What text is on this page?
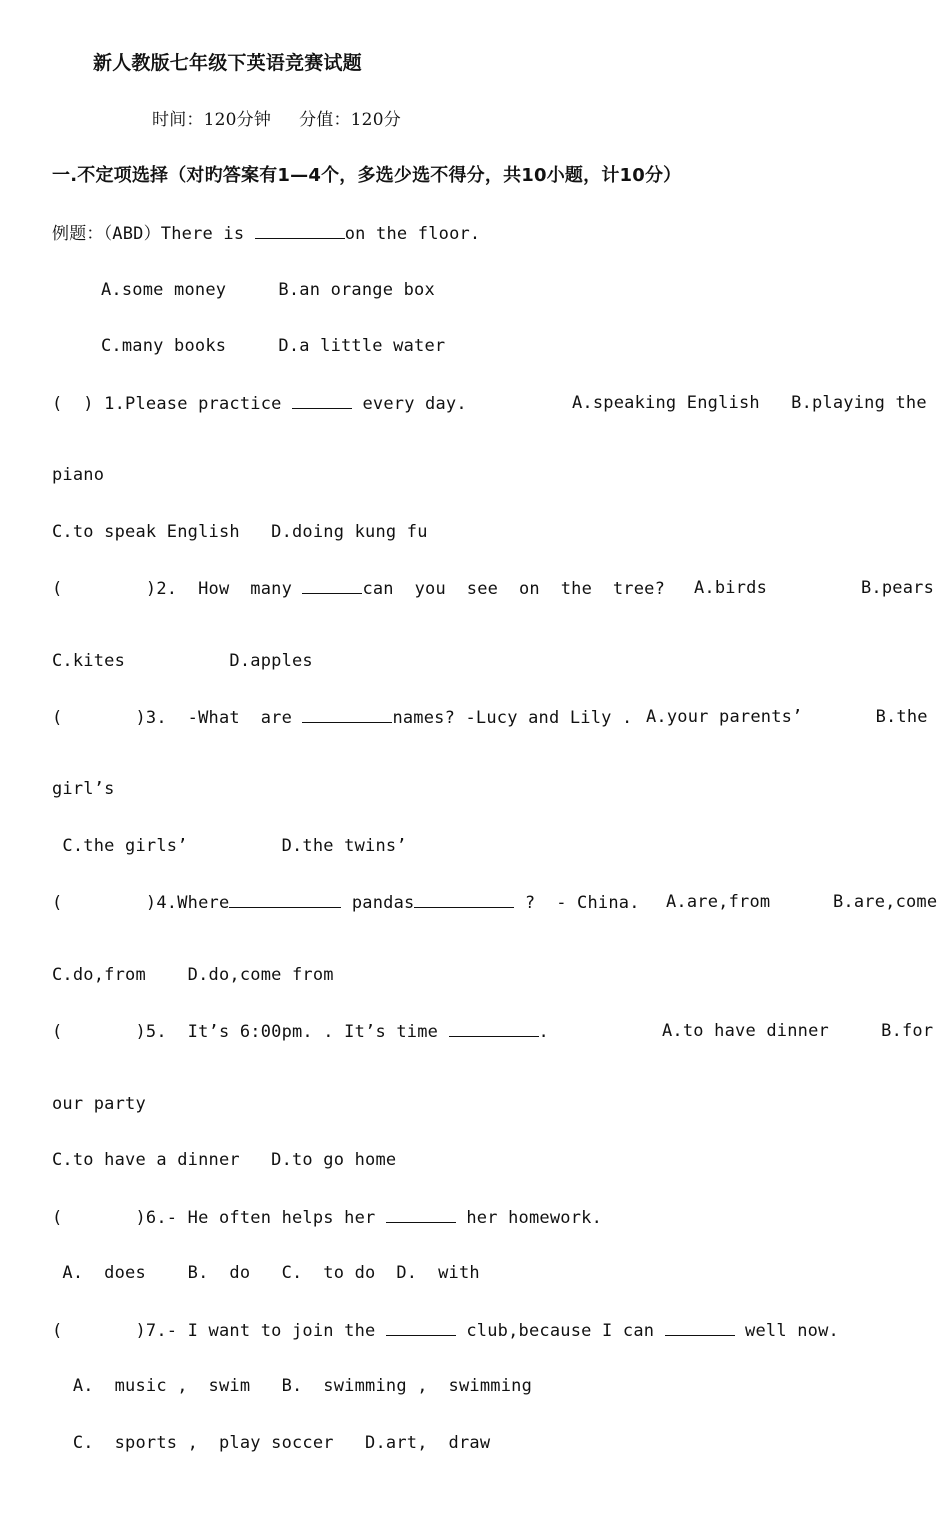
新人教版七年级下英语竞赛试题
时间：120分钟     分值：120分
一.不定项选择（对旳答案有1—4个，多选少选不得分，共10小题，计10分）
例题：（ABD）There is	on the floor.
A.some money     B.an orange box
C.many books     D.a little water
(  ) 1.Please practice	every day.	A.speaking English   B.playing the
piano
C.to speak English   D.doing kung fu
(        )2.  How  many	can  you  see  on  the  tree? A.birds         B.pears
C.kites          D.apples
(       )3.  -What  are	names? -Lucy and Lily . A.your parents’       B.the
girl’s
C.the girls’         D.the twins’
(        )4.Where	pandas	?  - China. A.are,from      B.are,come
C.do,from    D.do,come from
(       )5.  It’s 6:00pm. . It’s time	.	A.to have dinner     B.for
our party
C.to have a dinner   D.to go home
(       )6.- He often helps her	her homework.
A.  does    B.  do   C.  to do  D.  with
(       )7.- I want to join the	club,because I can	well now.
A.  music ,  swim   B.  swimming ,  swimming
C.  sports ,  play soccer   D.art,  draw
